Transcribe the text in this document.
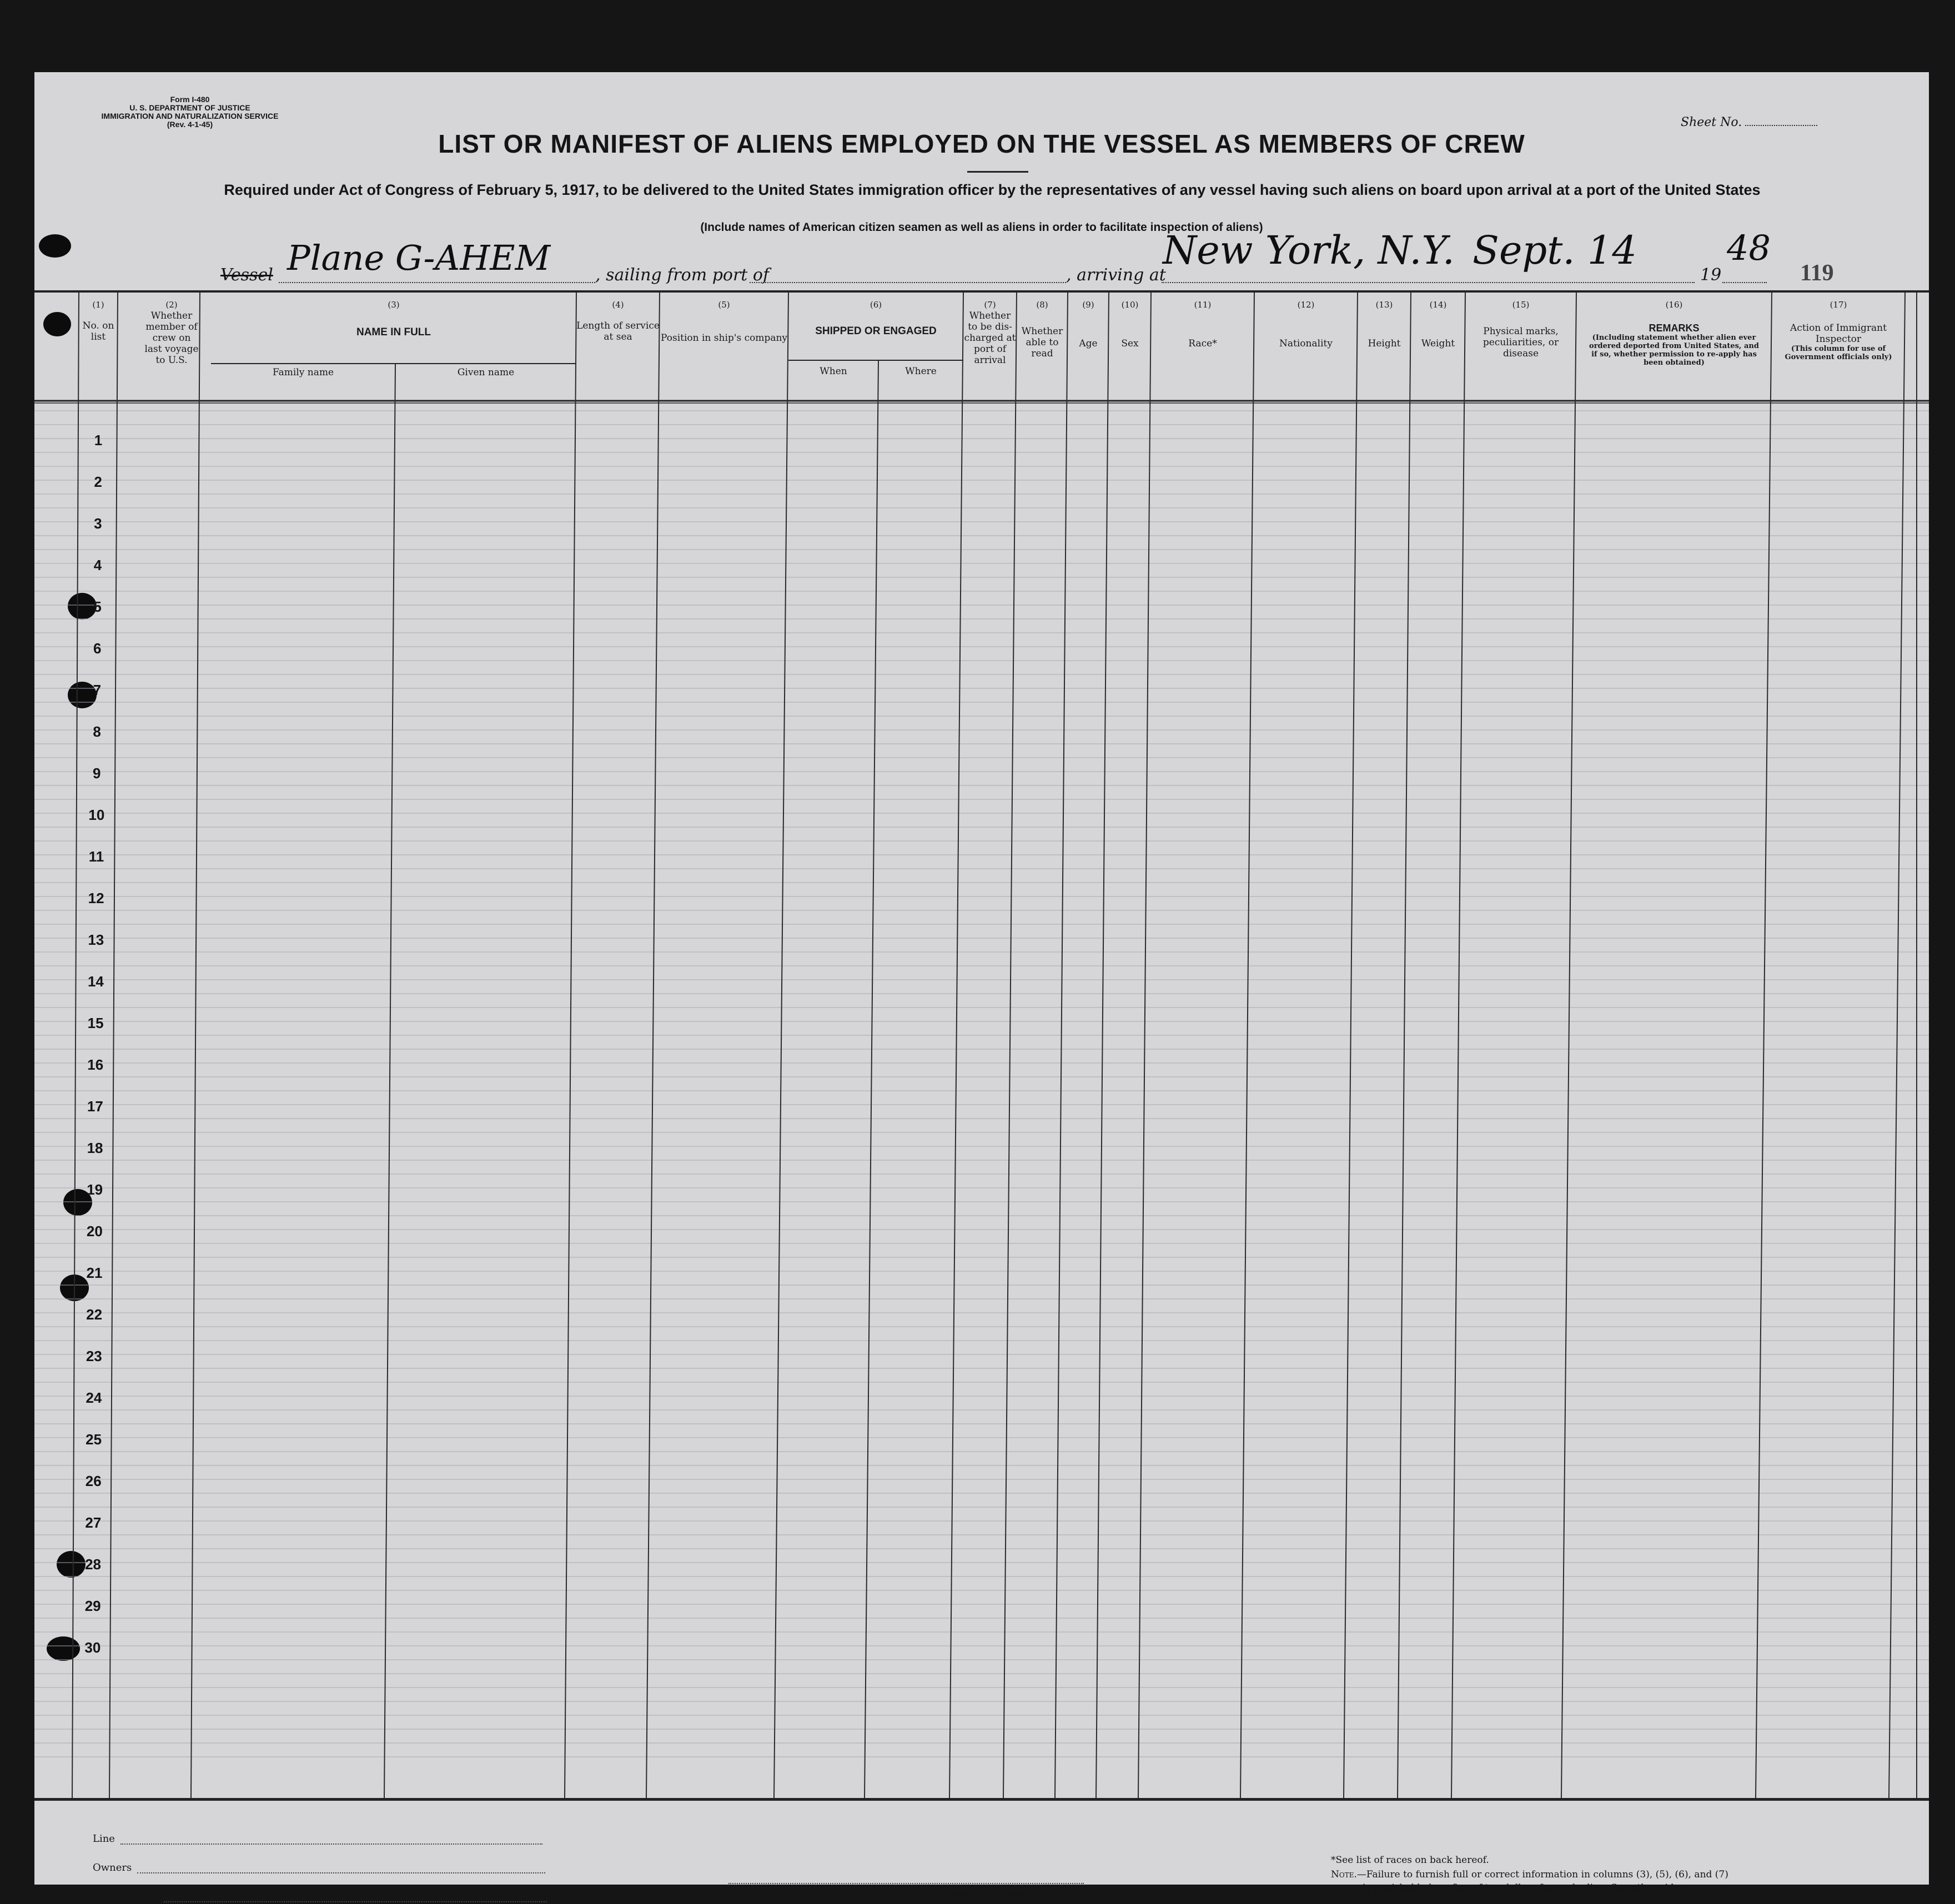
Form I-480
U. S. DEPARTMENT OF JUSTICE
IMMIGRATION AND NATURALIZATION SERVICE
(Rev. 4-1-45)	Sheet No.
LIST OR MANIFEST OF ALIENS EMPLOYED ON THE VESSEL AS MEMBERS OF CREW
Required under Act of Congress of February 5, 1917, to be delivered to the United States immigration officer by the representatives of any vessel having such aliens on board upon arrival at a port of the United States
(Include names of American citizen seamen as well as aliens in order to facilitate inspection of aliens)
Vessel Plane G-AHEM	, sailing from port of	, arriving at
New York, N.Y. Sept. 14
19
48
119
(1)
No. on list
(2)
Whether member of crew on last voyage to U.S.
(3)
NAME IN FULL
Family name	Given name
(4)
Length of service at sea
(5)
Position in ship's company
(6)
SHIPPED OR ENGAGED
When	Where
(7)
Whether to be dis-charged at port of arrival
(8)
Whether able to read
(9)
Age
(10)
Sex
(11)
Race*
(12)
Nationality
(13)
Height
(14)
Weight
(15)
Physical marks, peculiarities, or disease
(16)
REMARKS
(Including statement whether alien ever ordered deported from United States, and if so, whether permission to re-apply has been obtained)
(17)
Action of Immigrant Inspector
(This column for use of Government officials only)
1
2
3
4
5
6
7
8
9
10
11
12
13
14
15
16
17
18
19
20
21
22
23
24
25
26
27
28
29
30
Line
Owners
Local Agents	Immigrant Inspector.
*See list of races on back hereof.
Note.—Failure to furnish full or correct information in columns (3), (5), (6), and (7)
is punishable by a fine of ten dollars for each alien. See other side.
